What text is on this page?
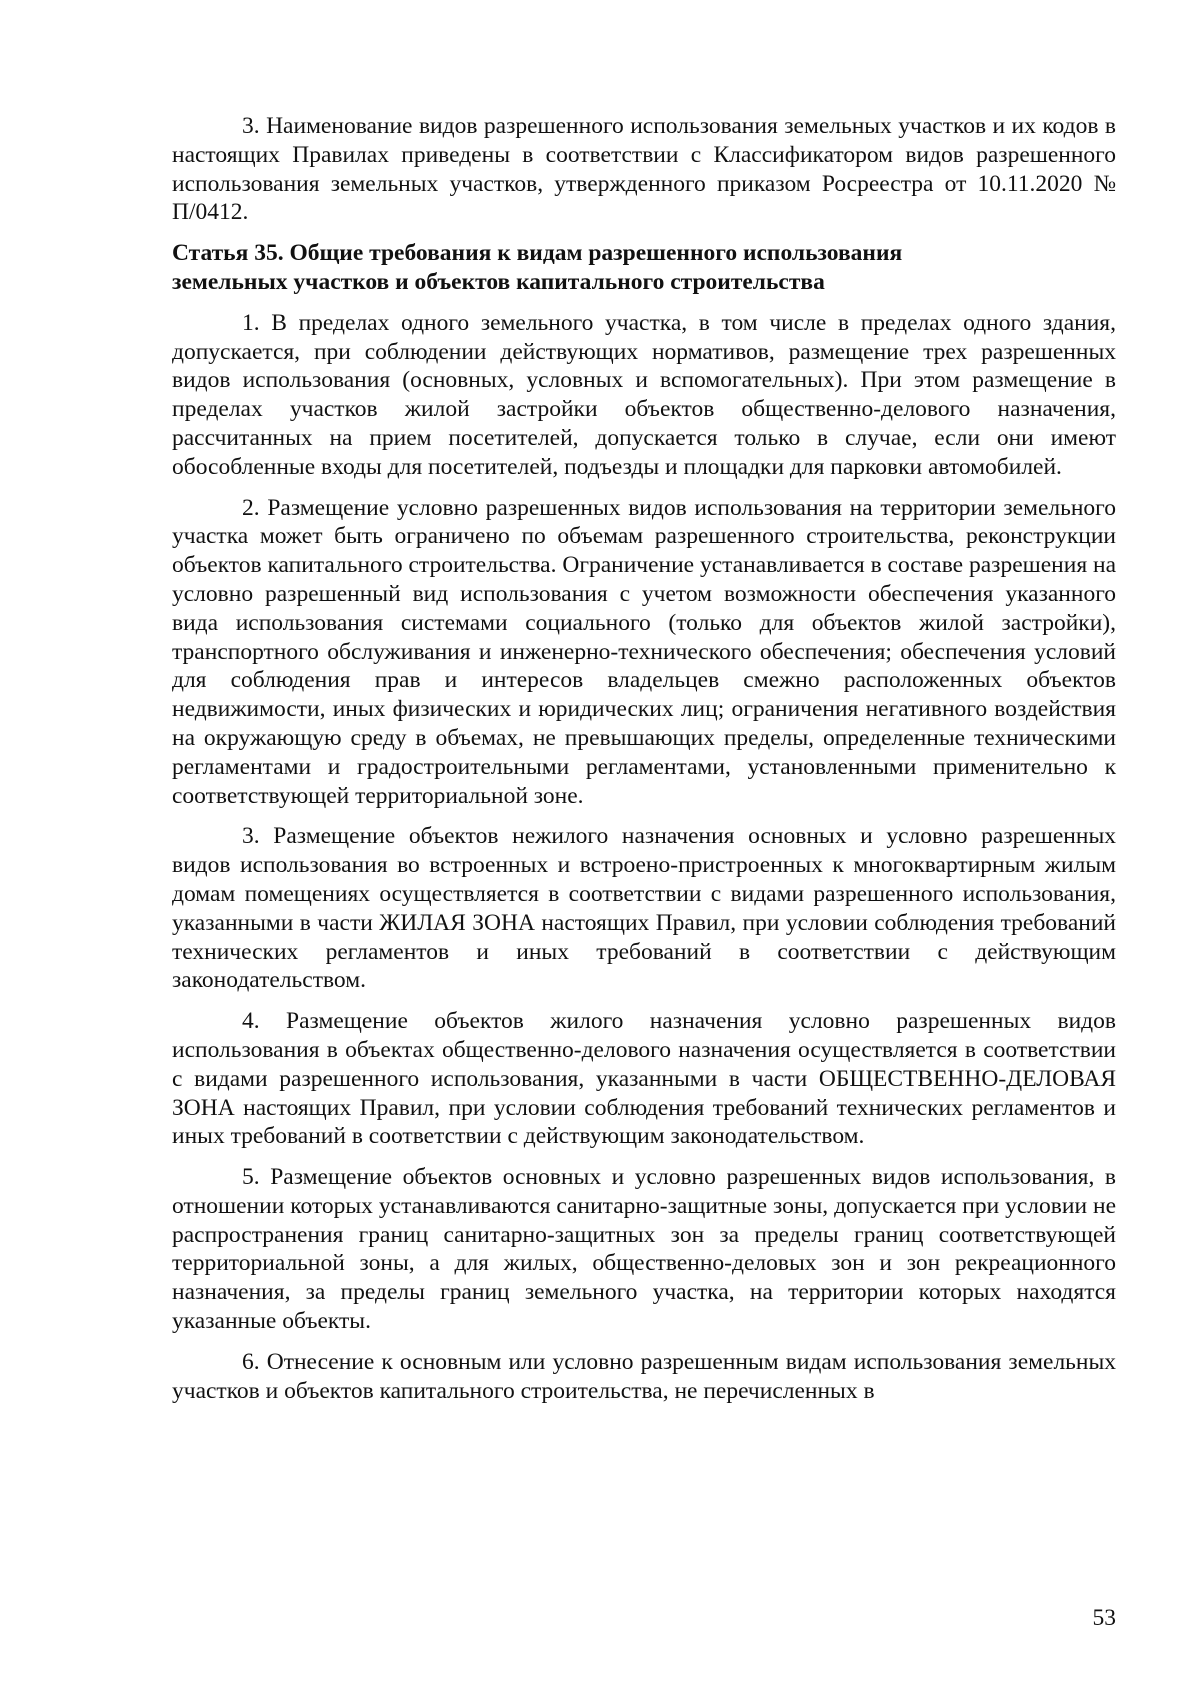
3. Наименование видов разрешенного использования земельных участков и их кодов в настоящих Правилах приведены в соответствии с Классификатором видов разрешенного использования земельных участков, утвержденного приказом Росреестра от 10.11.2020 № П/0412.

Статья 35. Общие требования к видам разрешенного использования земельных участков и объектов капитального строительства

1. В пределах одного земельного участка, в том числе в пределах одного здания, допускается, при соблюдении действующих нормативов, размещение трех разрешенных видов использования (основных, условных и вспомогательных). При этом размещение в пределах участков жилой застройки объектов общественно-делового назначения, рассчитанных на прием посетителей, допускается только в случае, если они имеют обособленные входы для посетителей, подъезды и площадки для парковки автомобилей.

2. Размещение условно разрешенных видов использования на территории земельного участка может быть ограничено по объемам разрешенного строительства, реконструкции объектов капитального строительства. Ограничение устанавливается в составе разрешения на условно разрешенный вид использования с учетом возможности обеспечения указанного вида использования системами социального (только для объектов жилой застройки), транспортного обслуживания и инженерно-технического обеспечения; обеспечения условий для соблюдения прав и интересов владельцев смежно расположенных объектов недвижимости, иных физических и юридических лиц; ограничения негативного воздействия на окружающую среду в объемах, не превышающих пределы, определенные техническими регламентами и градостроительными регламентами, установленными применительно к соответствующей территориальной зоне.

3. Размещение объектов нежилого назначения основных и условно разрешенных видов использования во встроенных и встроено-пристроенных к многоквартирным жилым домам помещениях осуществляется в соответствии с видами разрешенного использования, указанными в части ЖИЛАЯ ЗОНА настоящих Правил, при условии соблюдения требований технических регламентов и иных требований в соответствии с действующим законодательством.

4. Размещение объектов жилого назначения условно разрешенных видов использования в объектах общественно-делового назначения осуществляется в соответствии с видами разрешенного использования, указанными в части ОБЩЕСТВЕННО-ДЕЛОВАЯ ЗОНА настоящих Правил, при условии соблюдения требований технических регламентов и иных требований в соответствии с действующим законодательством.

5. Размещение объектов основных и условно разрешенных видов использования, в отношении которых устанавливаются санитарно-защитные зоны, допускается при условии не распространения границ санитарно-защитных зон за пределы границ соответствующей территориальной зоны, а для жилых, общественно-деловых зон и зон рекреационного назначения, за пределы границ земельного участка, на территории которых находятся указанные объекты.

6. Отнесение к основным или условно разрешенным видам использования земельных участков и объектов капитального строительства, не перечисленных в

53
